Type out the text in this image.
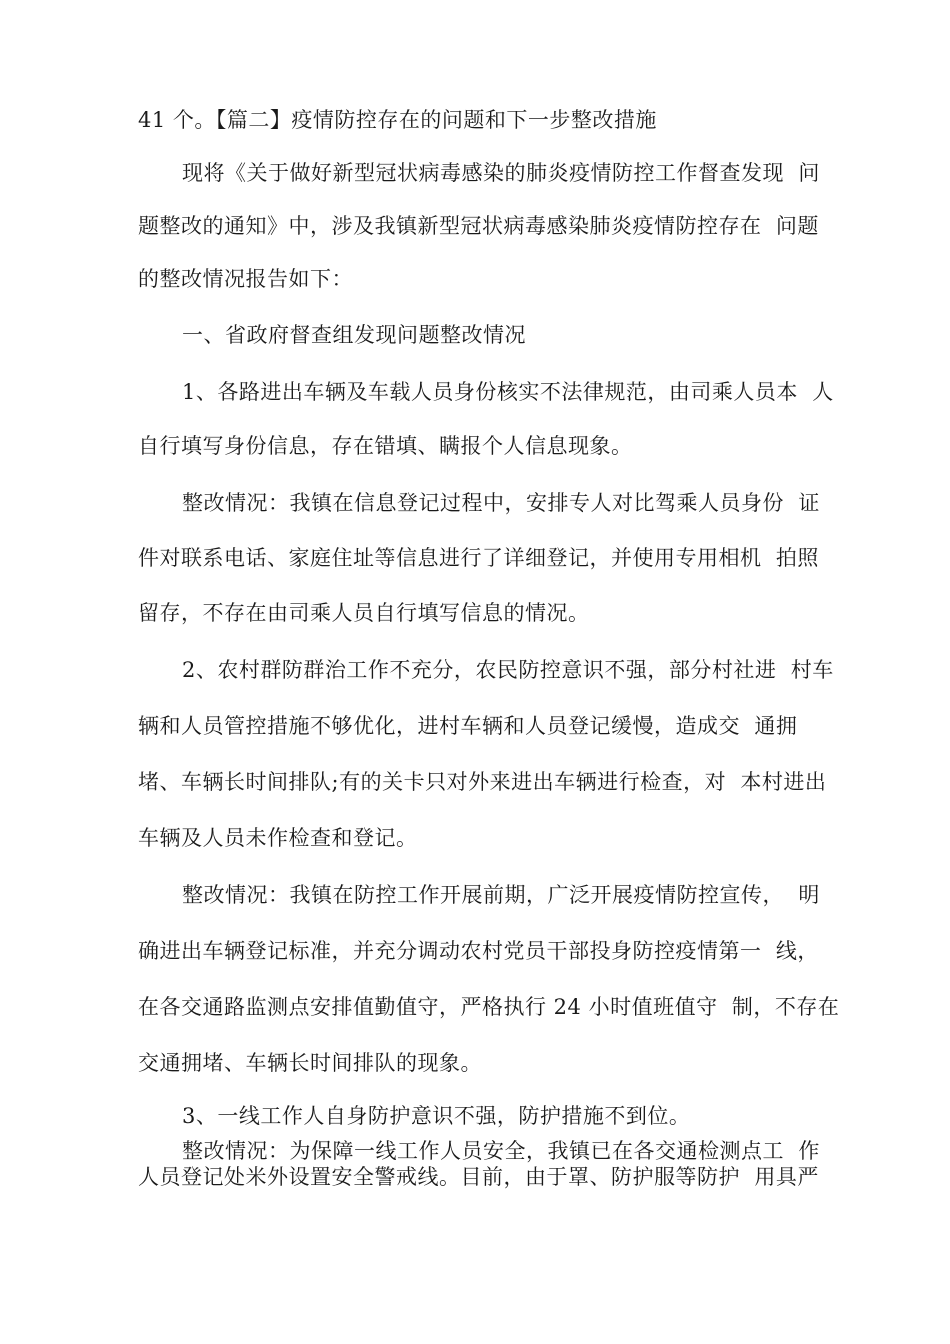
41 个。【篇二】疫情防控存在的问题和下一步整改措施
现将《关于做好新型冠状病毒感染的肺炎疫情防控工作督查发现  问
题整改的通知》中，涉及我镇新型冠状病毒感染肺炎疫情防控存在  问题
的整改情况报告如下：
一、省政府督查组发现问题整改情况
1、各路进出车辆及车载人员身份核实不法律规范，由司乘人员本  人
自行填写身份信息，存在错填、瞒报个人信息现象。
整改情况：我镇在信息登记过程中，安排专人对比驾乘人员身份  证
件对联系电话、家庭住址等信息进行了详细登记，并使用专用相机  拍照
留存，不存在由司乘人员自行填写信息的情况。
2、农村群防群治工作不充分，农民防控意识不强，部分村社进  村车
辆和人员管控措施不够优化，进村车辆和人员登记缓慢，造成交  通拥
堵、车辆长时间排队;有的关卡只对外来进出车辆进行检查，对  本村进出
车辆及人员未作检查和登记。
整改情况：我镇在防控工作开展前期，广泛开展疫情防控宣传，  明
确进出车辆登记标准，并充分调动农村党员干部投身防控疫情第一  线，
在各交通路监测点安排值勤值守，严格执行 24 小时值班值守  制，不存在
交通拥堵、车辆长时间排队的现象。
3、一线工作人自身防护意识不强，防护措施不到位。
整改情况：为保障一线工作人员安全，我镇已在各交通检测点工  作
人员登记处米外设置安全警戒线。目前，由于罩、防护服等防护  用具严
